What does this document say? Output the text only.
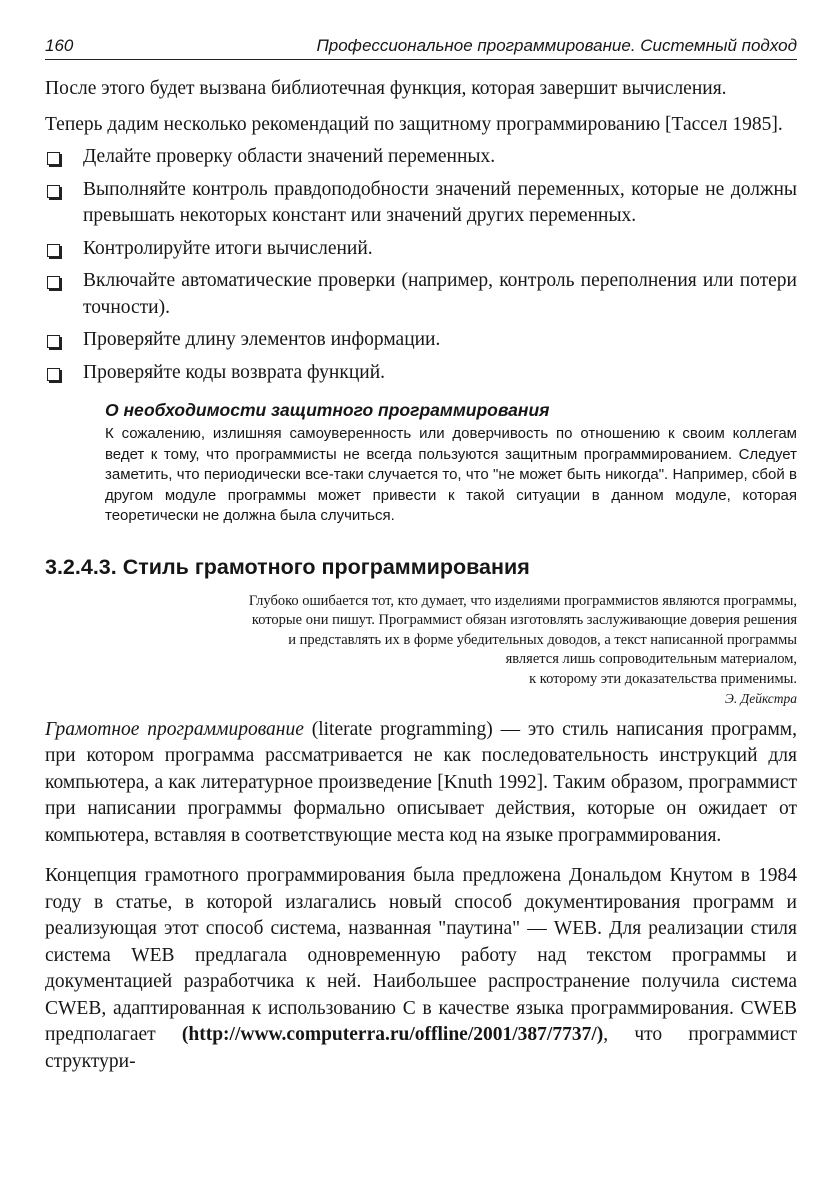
160	Профессиональное программирование. Системный подход

После этого будет вызвана библиотечная функция, которая завершит вычисления.

Теперь дадим несколько рекомендаций по защитному программированию [Тассел 1985].

Делайте проверку области значений переменных.
Выполняйте контроль правдоподобности значений переменных, которые не должны превышать некоторых констант или значений других переменных.
Контролируйте итоги вычислений.
Включайте автоматические проверки (например, контроль переполнения или потери точности).
Проверяйте длину элементов информации.
Проверяйте коды возврата функций.
О необходимости защитного программирования

К сожалению, излишняя самоуверенность или доверчивость по отношению к своим коллегам ведет к тому, что программисты не всегда пользуются защитным программированием. Следует заметить, что периодически все-таки случается то, что "не может быть никогда". Например, сбой в другом модуле программы может привести к такой ситуации в данном модуле, которая теоретически не должна была случиться.

3.2.4.3. Стиль грамотного программирования
Глубоко ошибается тот, кто думает, что изделиями программистов являются программы,
которые они пишут. Программист обязан изготовлять заслуживающие доверия решения
и представлять их в форме убедительных доводов, а текст написанной программы
является лишь сопроводительным материалом,
к которому эти доказательства применимы.
Э. Дейкстра

Грамотное программирование (literate programming) — это стиль написания программ, при котором программа рассматривается не как последовательность инструкций для компьютера, а как литературное произведение [Knuth 1992]. Таким образом, программист при написании программы формально описывает действия, которые он ожидает от компьютера, вставляя в соответствующие места код на языке программирования.

Концепция грамотного программирования была предложена Дональдом Кнутом в 1984 году в статье, в которой излагались новый способ документирования программ и реализующая этот способ система, названная "паутина" — WEB. Для реализации стиля система WEB предлагала одновременную работу над текстом программы и документацией разработчика к ней. Наибольшее распространение получила система CWEB, адаптированная к использованию С в качестве языка программирования. CWEB предполагает (http://www.computerra.ru/offline/2001/387/7737/), что программист структури-
